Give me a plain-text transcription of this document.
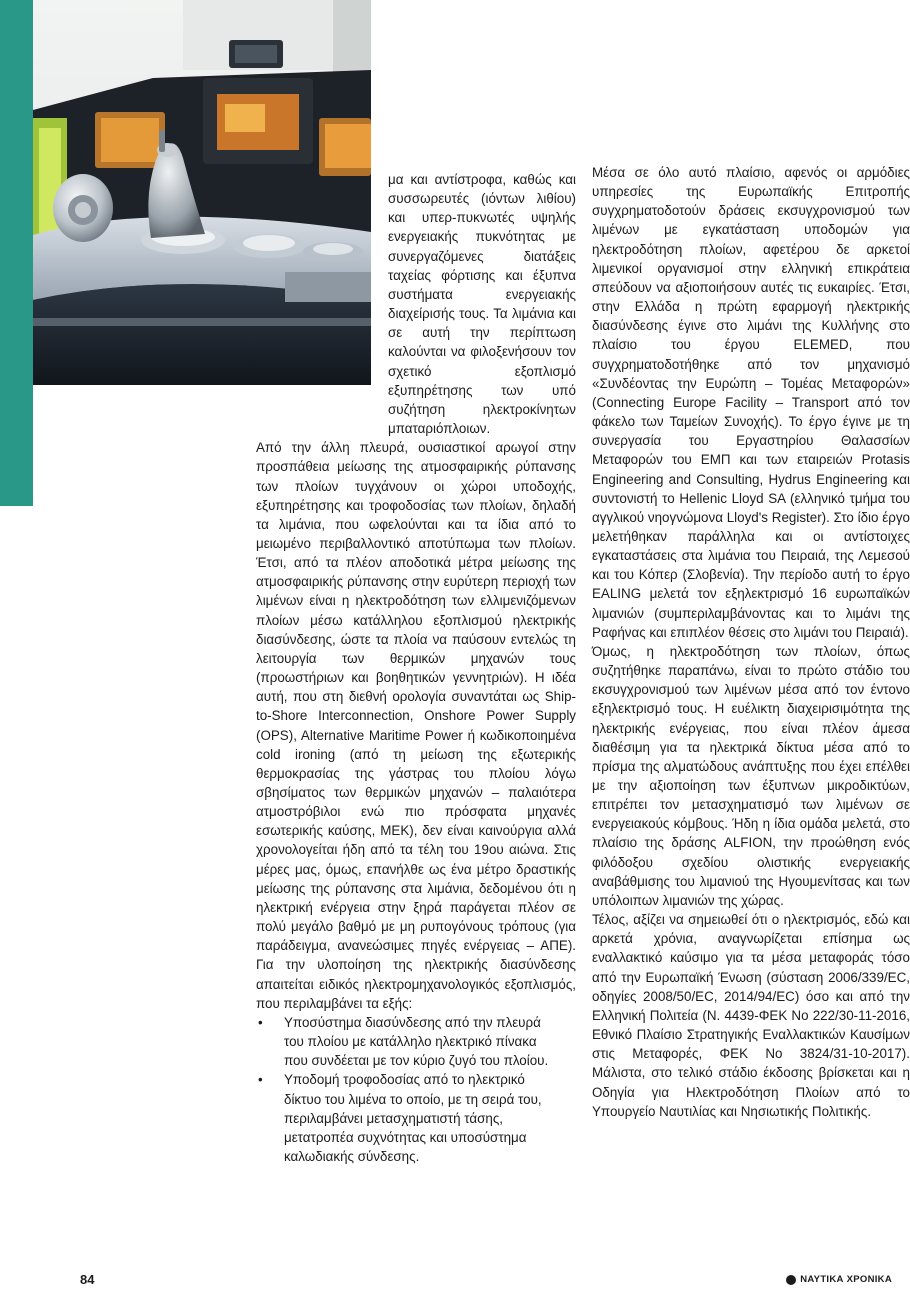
μα και αντίστροφα, καθώς και συσσωρευτές (ιόντων λιθίου) και υπερ-πυκνωτές υψηλής ενεργειακής πυκνότητας με συνεργαζόμενες διατάξεις ταχείας φόρτισης και έξυπνα συστήματα ενεργειακής διαχείρισής τους. Τα λιμάνια και σε αυτή την περίπτωση καλούνται να φιλοξενήσουν τον σχετικό εξοπλισμό εξυπηρέτησης των υπό συζήτηση ηλεκτροκίνητων μπαταριόπλοιων.

Από την άλλη πλευρά, ουσιαστικοί αρωγοί στην προσπάθεια μείωσης της ατμοσφαιρικής ρύπανσης των πλοίων τυγχάνουν οι χώροι υποδοχής, εξυπηρέτησης και τροφοδοσίας των πλοίων, δηλαδή τα λιμάνια, που ωφελούνται και τα ίδια από το μειωμένο περιβαλλοντικό αποτύπωμα των πλοίων. Έτσι, από τα πλέον αποδοτικά μέτρα μείωσης της ατμοσφαιρικής ρύπανσης στην ευρύτερη περιοχή των λιμένων είναι η ηλεκτροδότηση των ελλιμενιζόμενων πλοίων μέσω κατάλληλου εξοπλισμού ηλεκτρικής διασύνδεσης, ώστε τα πλοία να παύσουν εντελώς τη λειτουργία των θερμικών μηχανών τους (προωστήριων και βοηθητικών γεννητριών). Η ιδέα αυτή, που στη διεθνή ορολογία συναντάται ως Ship-to-Shore Interconnection, Onshore Power Supply (OPS), Alternative Maritime Power ή κωδικοποιημένα cold ironing (από τη μείωση της εξωτερικής θερμοκρασίας της γάστρας του πλοίου λόγω σβησίματος των θερμικών μηχανών – παλαιότερα ατμοστρόβιλοι ενώ πιο πρόσφατα μηχανές εσωτερικής καύσης, ΜΕΚ), δεν είναι καινούργια αλλά χρονολογείται ήδη από τα τέλη του 19ου αιώνα. Στις μέρες μας, όμως, επανήλθε ως ένα μέτρο δραστικής μείωσης της ρύπανσης στα λιμάνια, δεδομένου ότι η ηλεκτρική ενέργεια στην ξηρά παράγεται πλέον σε πολύ μεγάλο βαθμό με μη ρυπογόνους τρόπους (για παράδειγμα, ανανεώσιμες πηγές ενέργειας – ΑΠΕ). Για την υλοποίηση της ηλεκτρικής διασύνδεσης απαιτείται ειδικός ηλεκτρομηχανολογικός εξοπλισμός, που περιλαμβάνει τα εξής:

• Υποσύστημα διασύνδεσης από την πλευρά του πλοίου με κατάλληλο ηλεκτρικό πίνακα που συνδέεται με τον κύριο ζυγό του πλοίου.
• Υποδομή τροφοδοσίας από το ηλεκτρικό δίκτυο του λιμένα το οποίο, με τη σειρά του, περιλαμβάνει μετασχηματιστή τάσης, μετατροπέα συχνότητας και υποσύστημα καλωδιακής σύνδεσης.

Μέσα σε όλο αυτό πλαίσιο, αφενός οι αρμόδιες υπηρεσίες της Ευρωπαϊκής Επιτροπής συγχρηματοδοτούν δράσεις εκσυγχρονισμού των λιμένων με εγκατάσταση υποδομών για ηλεκτροδότηση πλοίων, αφετέρου δε αρκετοί λιμενικοί οργανισμοί στην ελληνική επικράτεια σπεύδουν να αξιοποιήσουν αυτές τις ευκαιρίες. Έτσι, στην Ελλάδα η πρώτη εφαρμογή ηλεκτρικής διασύνδεσης έγινε στο λιμάνι της Κυλλήνης στο πλαίσιο του έργου ELEMED, που συγχρηματοδοτήθηκε από τον μηχανισμό «Συνδέοντας την Ευρώπη – Τομέας Μεταφορών» (Connecting Europe Facility – Transport από τον φάκελο των Ταμείων Συνοχής). Το έργο έγινε με τη συνεργασία του Εργαστηρίου Θαλασσίων Μεταφορών του ΕΜΠ και των εταιρειών Protasis Engineering and Consulting, Hydrus Engineering και συντονιστή το Hellenic Lloyd SA (ελληνικό τμήμα του αγγλικού νηογνώμονα Lloyd's Register). Στο ίδιο έργο μελετήθηκαν παράλληλα και οι αντίστοιχες εγκαταστάσεις στα λιμάνια του Πειραιά, της Λεμεσού και του Κόπερ (Σλοβενία). Την περίοδο αυτή το έργο EALING μελετά τον εξηλεκτρισμό 16 ευρωπαϊκών λιμανιών (συμπεριλαμβάνοντας και το λιμάνι της Ραφήνας και επιπλέον θέσεις στο λιμάνι του Πειραιά).

Όμως, η ηλεκτροδότηση των πλοίων, όπως συζητήθηκε παραπάνω, είναι το πρώτο στάδιο του εκσυγχρονισμού των λιμένων μέσα από τον έντονο εξηλεκτρισμό τους. Η ευέλικτη διαχειρισιμότητα της ηλεκτρικής ενέργειας, που είναι πλέον άμεσα διαθέσιμη για τα ηλεκτρικά δίκτυα μέσα από το πρίσμα της αλματώδους ανάπτυξης που έχει επέλθει με την αξιοποίηση των έξυπνων μικροδικτύων, επιτρέπει τον μετασχηματισμό των λιμένων σε ενεργειακούς κόμβους. Ήδη η ίδια ομάδα μελετά, στο πλαίσιο της δράσης ALFION, την προώθηση ενός φιλόδοξου σχεδίου ολιστικής ενεργειακής αναβάθμισης του λιμανιού της Ηγουμενίτσας και των υπόλοιπων λιμανιών της χώρας.

Τέλος, αξίζει να σημειωθεί ότι ο ηλεκτρισμός, εδώ και αρκετά χρόνια, αναγνωρίζεται επίσημα ως εναλλακτικό καύσιμο για τα μέσα μεταφοράς τόσο από την Ευρωπαϊκή Ένωση (σύσταση 2006/339/EC, οδηγίες 2008/50/EC, 2014/94/EC) όσο και από την Ελληνική Πολιτεία (Ν. 4439-ΦΕΚ Νο 222/30-11-2016, Εθνικό Πλαίσιο Στρατηγικής Εναλλακτικών Καυσίμων στις Μεταφορές, ΦΕΚ Νο 3824/31-10-2017). Μάλιστα, στο τελικό στάδιο έκδοσης βρίσκεται και η Οδηγία για Ηλεκτροδότηση Πλοίων από το Υπουργείο Ναυτιλίας και Νησιωτικής Πολιτικής.

84	ΝΑΥΤΙΚΑ ΧΡΟΝΙΚΑ
